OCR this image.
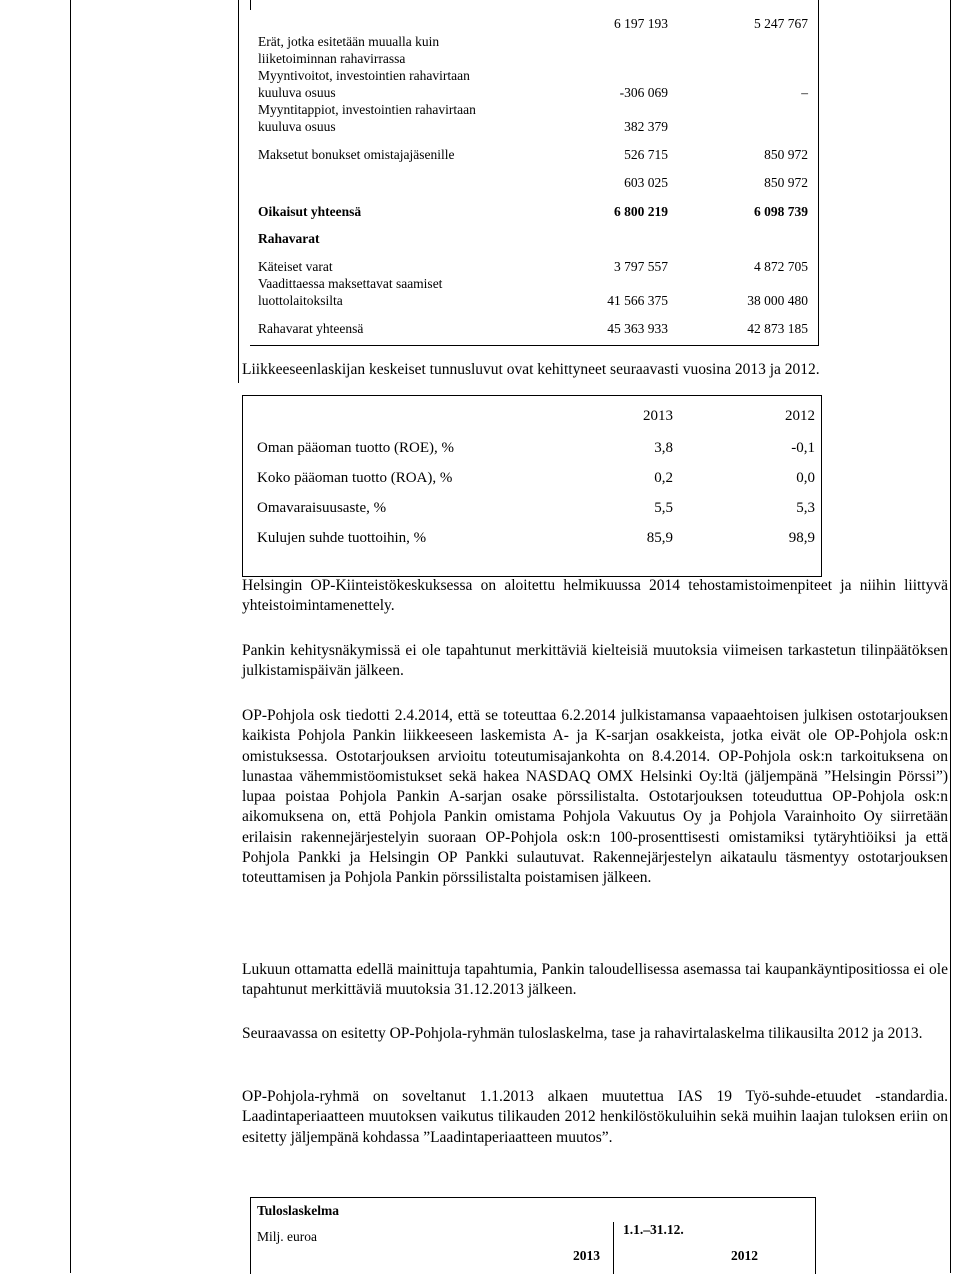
6 197 193	5 247 767
Erät, jotka esitetään muualla kuin
liiketoiminnan rahavirrassa
Myyntivoitot, investointien rahavirtaan
kuuluva osuus	-306 069	–
Myyntitappiot, investointien rahavirtaan
kuuluva osuus	382 379
Maksetut bonukset omistajajäsenille	526 715	850 972
603 025	850 972
Oikaisut yhteensä	6 800 219	6 098 739
Rahavarat
Käteiset varat	3 797 557	4 872 705
Vaadittaessa maksettavat saamiset
luottolaitoksilta	41 566 375	38 000 480
Rahavarat yhteensä	45 363 933	42 873 185
Liikkeeseenlaskijan keskeiset tunnusluvut ovat kehittyneet seuraavasti vuosina 2013 ja 2012.
2013	2012
Oman pääoman tuotto (ROE), %	3,8	-0,1
Koko pääoman tuotto (ROA), %	0,2	0,0
Omavaraisuusaste, %	5,5	5,3
Kulujen suhde tuottoihin, %	85,9	98,9
Helsingin OP-Kiinteistökeskuksessa on aloitettu helmikuussa 2014 tehostamistoimenpiteet ja niihin liittyvä yhteistoimintamenettely.
Pankin kehitysnäkymissä ei ole tapahtunut merkittäviä kielteisiä muutoksia viimeisen tarkastetun tilinpäätöksen julkistamispäivän jälkeen.
OP-Pohjola osk tiedotti 2.4.2014, että se toteuttaa 6.2.2014 julkistamansa vapaaehtoisen julkisen ostotarjouksen kaikista Pohjola Pankin liikkeeseen laskemista A- ja K-sarjan osakkeista, jotka eivät ole OP-Pohjola osk:n omistuksessa. Ostotarjouksen arvioitu toteutumisajankohta on 8.4.2014. OP-Pohjola osk:n tarkoituksena on lunastaa vähemmistöomistukset sekä hakea NASDAQ OMX Helsinki Oy:ltä (jäljempänä ”Helsingin Pörssi”) lupaa poistaa Pohjola Pankin A-sarjan osake pörssilistalta. Ostotarjouksen toteuduttua OP-Pohjola osk:n aikomuksena on, että Pohjola Pankin omistama Pohjola Vakuutus Oy ja Pohjola Varainhoito Oy siirretään erilaisin rakennejärjestelyin suoraan OP-Pohjola osk:n 100-prosenttisesti omistamiksi tytäryhtiöiksi ja että Pohjola Pankki ja Helsingin OP Pankki sulautuvat. Rakennejärjestelyn aikataulu täsmentyy ostotarjouksen toteuttamisen ja Pohjola Pankin pörssilistalta poistamisen jälkeen.
Lukuun ottamatta edellä mainittuja tapahtumia, Pankin taloudellisessa asemassa tai kaupankäyntipositiossa ei ole tapahtunut merkittäviä muutoksia 31.12.2013 jälkeen.
Seuraavassa on esitetty OP-Pohjola-ryhmän tuloslaskelma, tase ja rahavirtalaskelma tilikausilta 2012 ja 2013.
OP-Pohjola-ryhmä on soveltanut 1.1.2013 alkaen muutettua IAS 19 Työ-suhde-etuudet -standardia. Laadintaperiaatteen muutoksen vaikutus tilikauden 2012 henkilöstökuluihin sekä muihin laajan tuloksen eriin on esitetty jäljempänä kohdassa ”Laadintaperiaatteen muutos”.
Tuloslaskelma
Milj. euroa	1.1.–31.12.
2013	2012
